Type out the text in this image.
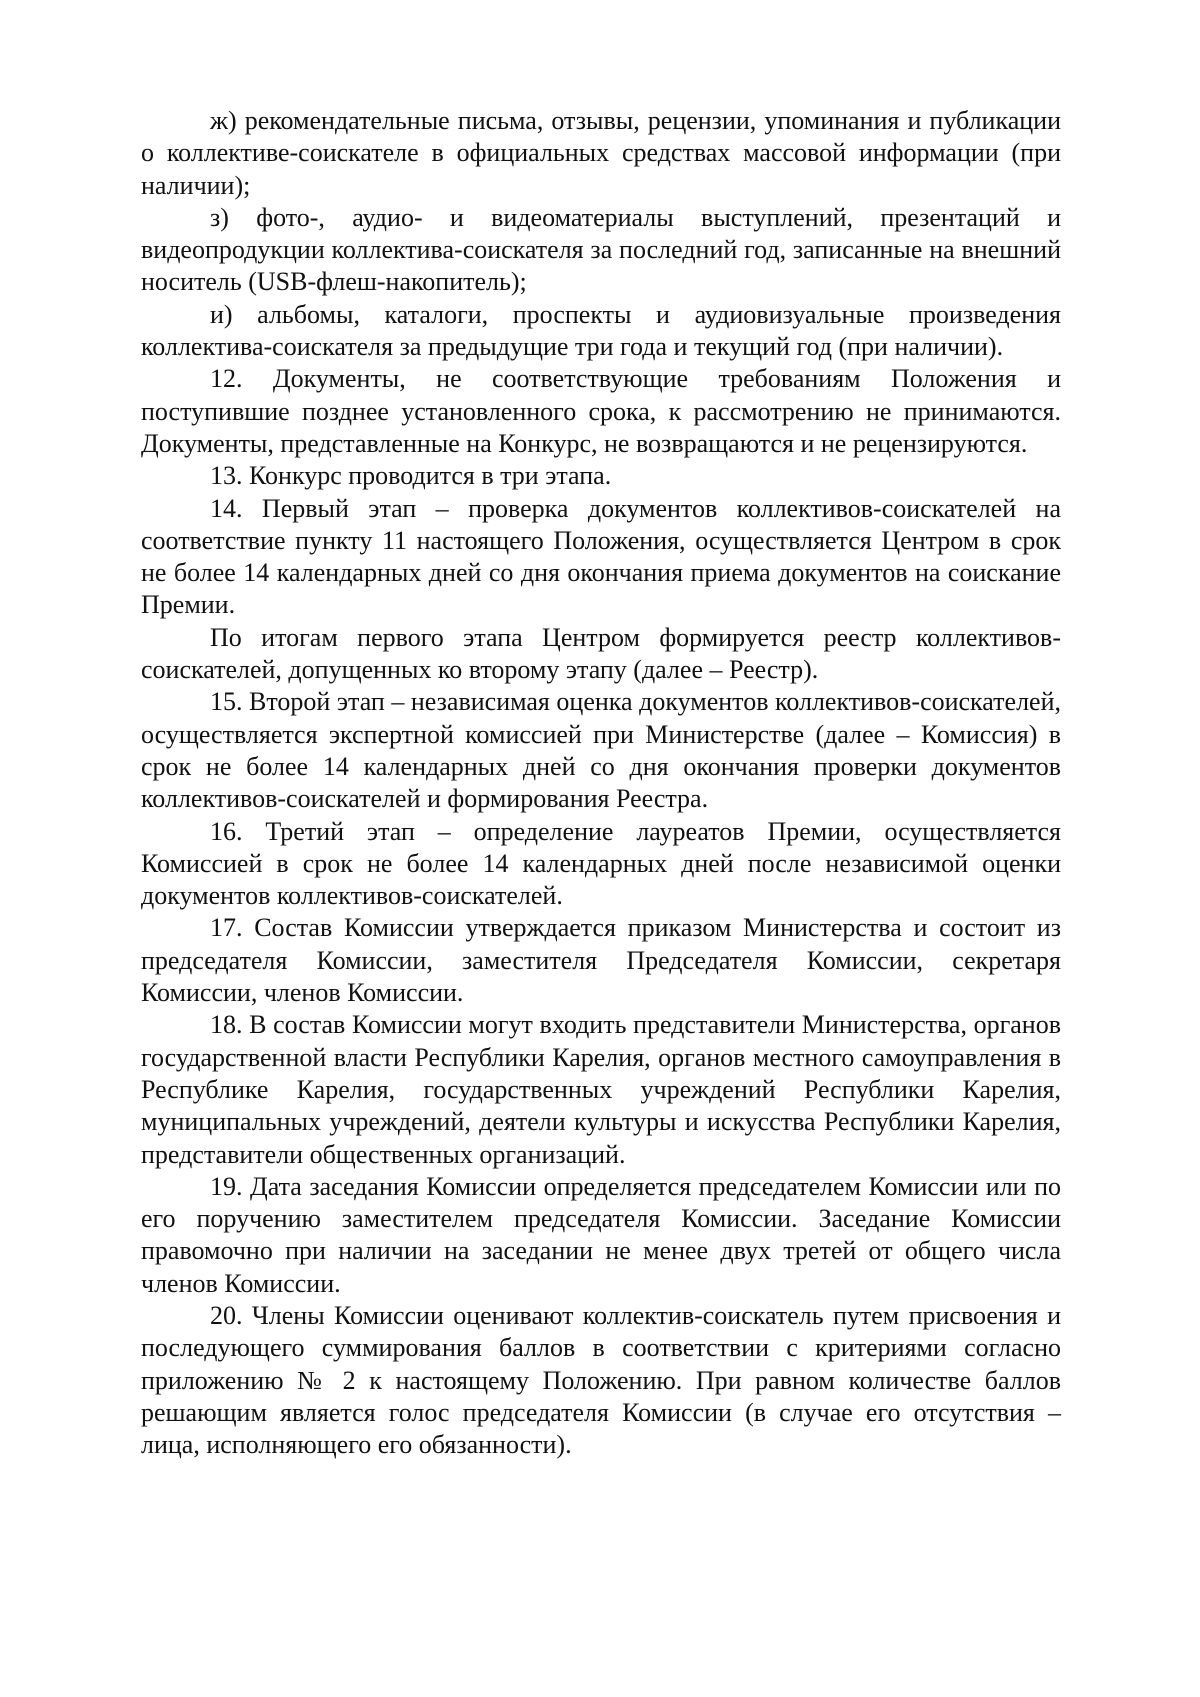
ж) рекомендательные письма, отзывы, рецензии, упоминания и публикации о коллективе-соискателе в официальных средствах массовой информации (при наличии);

з) фото-, аудио- и видеоматериалы выступлений, презентаций и видеопродукции коллектива-соискателя за последний год, записанные на внешний носитель (USB-флеш-накопитель);

и) альбомы, каталоги, проспекты и аудиовизуальные произведения коллектива-соискателя за предыдущие три года и текущий год (при наличии).

12. Документы, не соответствующие требованиям Положения и поступившие позднее установленного срока, к рассмотрению не принимаются. Документы, представленные на Конкурс, не возвращаются и не рецензируются.

13. Конкурс проводится в три этапа.

14. Первый этап – проверка документов коллективов-соискателей на соответствие пункту 11 настоящего Положения, осуществляется Центром в срок не более 14 календарных дней со дня окончания приема документов на соискание Премии.

По итогам первого этапа Центром формируется реестр коллективов-соискателей, допущенных ко второму этапу (далее – Реестр).

15. Второй этап – независимая оценка документов коллективов-соискателей, осуществляется экспертной комиссией при Министерстве (далее – Комиссия) в срок не более 14 календарных дней со дня окончания проверки документов коллективов-соискателей и формирования Реестра.

16. Третий этап – определение лауреатов Премии, осуществляется Комиссией в срок не более 14 календарных дней после независимой оценки документов коллективов-соискателей.

17. Состав Комиссии утверждается приказом Министерства и состоит из председателя Комиссии, заместителя Председателя Комиссии, секретаря Комиссии, членов Комиссии.

18. В состав Комиссии могут входить представители Министерства, органов государственной власти Республики Карелия, органов местного самоуправления в Республике Карелия, государственных учреждений Республики Карелия, муниципальных учреждений, деятели культуры и искусства Республики Карелия, представители общественных организаций.

19. Дата заседания Комиссии определяется председателем Комиссии или по его поручению заместителем председателя Комиссии. Заседание Комиссии правомочно при наличии на заседании не менее двух третей от общего числа членов Комиссии.

20. Члены Комиссии оценивают коллектив-соискатель путем присвоения и последующего суммирования баллов в соответствии с критериями согласно приложению № 2 к настоящему Положению. При равном количестве баллов решающим является голос председателя Комиссии (в случае его отсутствия – лица, исполняющего его обязанности).
